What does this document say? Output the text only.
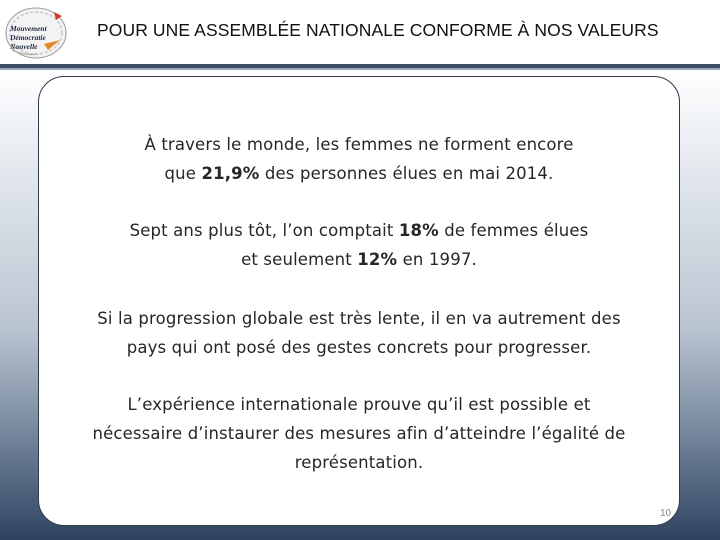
Mouvement
Démocratie
Nouvelle
POUR UNE ASSEMBLÉE NATIONALE CONFORME À NOS VALEURS
À travers le monde, les femmes ne forment encore
que 21,9% des personnes élues en mai 2014.
Sept ans plus tôt, l’on comptait 18% de femmes élues
et seulement 12% en 1997.
Si la progression globale est très lente, il en va autrement des
pays qui ont posé des gestes concrets pour progresser.
L’expérience internationale prouve qu’il est possible et
nécessaire d’instaurer des mesures afin d’atteindre l’égalité de
représentation.
10
